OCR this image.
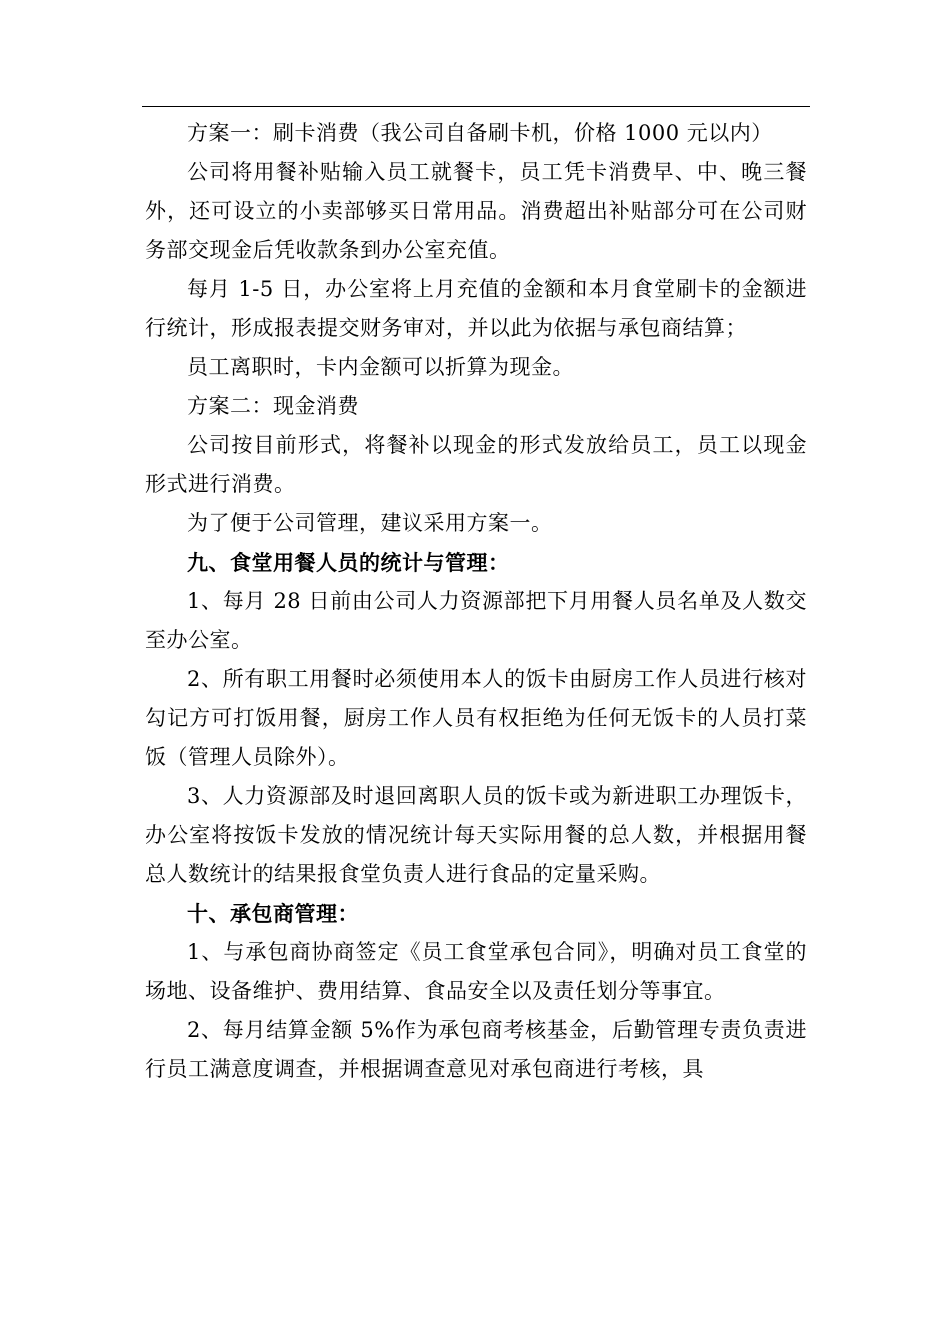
方案一：刷卡消费（我公司自备刷卡机，价格 1000 元以内）

公司将用餐补贴输入员工就餐卡，员工凭卡消费早、中、晚三餐外，还可设立的小卖部够买日常用品。消费超出补贴部分可在公司财务部交现金后凭收款条到办公室充值。

每月 1-5 日，办公室将上月充值的金额和本月食堂刷卡的金额进行统计，形成报表提交财务审对，并以此为依据与承包商结算；

员工离职时，卡内金额可以折算为现金。

方案二：现金消费

公司按目前形式，将餐补以现金的形式发放给员工，员工以现金形式进行消费。

为了便于公司管理，建议采用方案一。

九、食堂用餐人员的统计与管理：

1、每月 28 日前由公司人力资源部把下月用餐人员名单及人数交至办公室。

2、所有职工用餐时必须使用本人的饭卡由厨房工作人员进行核对勾记方可打饭用餐，厨房工作人员有权拒绝为任何无饭卡的人员打菜饭（管理人员除外）。

3、人力资源部及时退回离职人员的饭卡或为新进职工办理饭卡，办公室将按饭卡发放的情况统计每天实际用餐的总人数，并根据用餐总人数统计的结果报食堂负责人进行食品的定量采购。

十、承包商管理：

1、与承包商协商签定《员工食堂承包合同》，明确对员工食堂的场地、设备维护、费用结算、食品安全以及责任划分等事宜。

2、每月结算金额 5%作为承包商考核基金，后勤管理专责负责进行员工满意度调查，并根据调查意见对承包商进行考核，具
